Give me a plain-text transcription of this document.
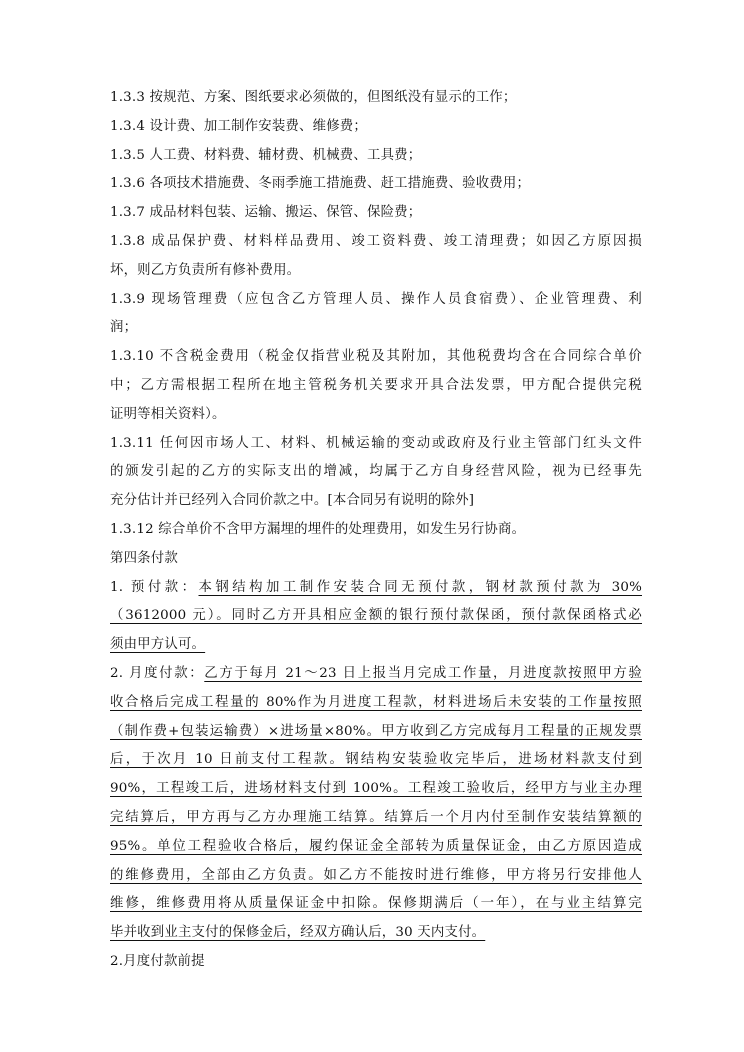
1.3.3 按规范、方案、图纸要求必须做的，但图纸没有显示的工作；
1.3.4 设计费、加工制作安装费、维修费；
1.3.5 人工费、材料费、辅材费、机械费、工具费；
1.3.6 各项技术措施费、冬雨季施工措施费、赶工措施费、验收费用；
1.3.7 成品材料包装、运输、搬运、保管、保险费；
1.3.8 成品保护费、材料样品费用、竣工资料费、竣工清理费；如因乙方原因损
坏，则乙方负责所有修补费用。
1.3.9 现场管理费（应包含乙方管理人员、操作人员食宿费）、企业管理费、利
润；
1.3.10 不含税金费用（税金仅指营业税及其附加，其他税费均含在合同综合单价
中；乙方需根据工程所在地主管税务机关要求开具合法发票，甲方配合提供完税
证明等相关资料）。
1.3.11 任何因市场人工、材料、机械运输的变动或政府及行业主管部门红头文件
的颁发引起的乙方的实际支出的增减，均属于乙方自身经营风险，视为已经事先
充分估计并已经列入合同价款之中。[本合同另有说明的除外]
1.3.12 综合单价不含甲方漏埋的埋件的处理费用，如发生另行协商。
第四条付款
1. 预付款：本钢结构加工制作安装合同无预付款，钢材款预付款为 30%
（3612000 元）。同时乙方开具相应金额的银行预付款保函，预付款保函格式必
须由甲方认可。
2. 月度付款：乙方于每月 21～23 日上报当月完成工作量，月进度款按照甲方验
收合格后完成工程量的 80%作为月进度工程款，材料进场后未安装的工作量按照
（制作费+包装运输费）×进场量×80%。甲方收到乙方完成每月工程量的正规发票
后，于次月 10 日前支付工程款。钢结构安装验收完毕后，进场材料款支付到
90%，工程竣工后，进场材料支付到 100%。工程竣工验收后，经甲方与业主办理
完结算后，甲方再与乙方办理施工结算。结算后一个月内付至制作安装结算额的
95%。单位工程验收合格后，履约保证金全部转为质量保证金，由乙方原因造成
的维修费用，全部由乙方负责。如乙方不能按时进行维修，甲方将另行安排他人
维修，维修费用将从质量保证金中扣除。保修期满后（一年），在与业主结算完
毕并收到业主支付的保修金后，经双方确认后，30 天内支付。
2.月度付款前提
